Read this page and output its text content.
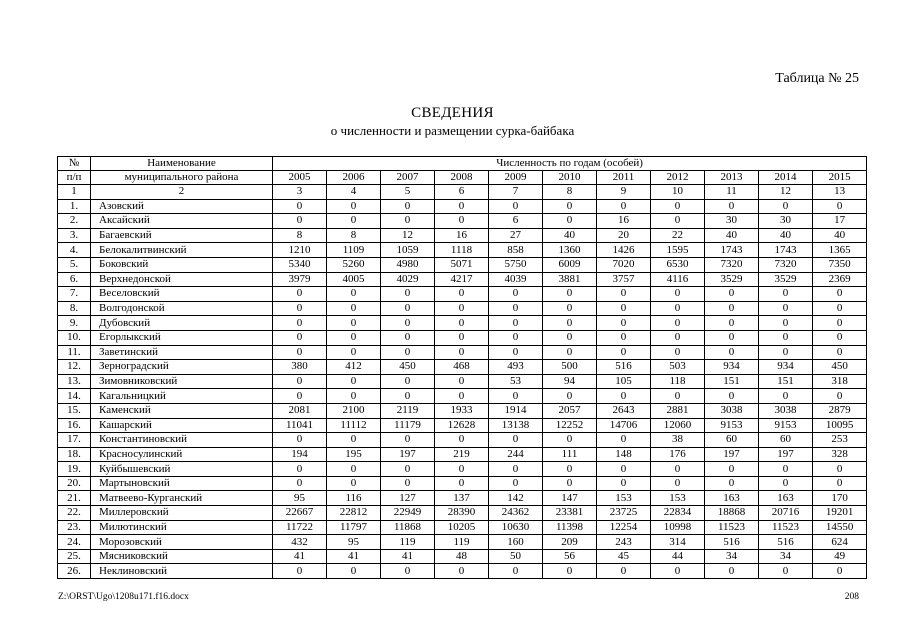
Таблица № 25
СВЕДЕНИЯ
о численности и размещении сурка-байбака
№	Наименование	Численность по годам (особей)										
п/п	муниципального района	2005	2006	2007	2008	2009	2010	2011	2012	2013	2014	2015
1	2	3	4	5	6	7	8	9	10	11	12	13
1.	Азовский	0	0	0	0	0	0	0	0	0	0	0
2.	Аксайский	0	0	0	0	6	0	16	0	30	30	17
3.	Багаевский	8	8	12	16	27	40	20	22	40	40	40
4.	Белокалитвинский	1210	1109	1059	1118	858	1360	1426	1595	1743	1743	1365
5.	Боковский	5340	5260	4980	5071	5750	6009	7020	6530	7320	7320	7350
6.	Верхнедонской	3979	4005	4029	4217	4039	3881	3757	4116	3529	3529	2369
7.	Веселовский	0	0	0	0	0	0	0	0	0	0	0
8.	Волгодонской	0	0	0	0	0	0	0	0	0	0	0
9.	Дубовский	0	0	0	0	0	0	0	0	0	0	0
10.	Егорлыкский	0	0	0	0	0	0	0	0	0	0	0
11.	Заветинский	0	0	0	0	0	0	0	0	0	0	0
12.	Зерноградский	380	412	450	468	493	500	516	503	934	934	450
13.	Зимовниковский	0	0	0	0	53	94	105	118	151	151	318
14.	Кагальницкий	0	0	0	0	0	0	0	0	0	0	0
15.	Каменский	2081	2100	2119	1933	1914	2057	2643	2881	3038	3038	2879
16.	Кашарский	11041	11112	11179	12628	13138	12252	14706	12060	9153	9153	10095
17.	Константиновский	0	0	0	0	0	0	0	38	60	60	253
18.	Красносулинский	194	195	197	219	244	111	148	176	197	197	328
19.	Куйбышевский	0	0	0	0	0	0	0	0	0	0	0
20.	Мартыновский	0	0	0	0	0	0	0	0	0	0	0
21.	Матвеево-Курганский	95	116	127	137	142	147	153	153	163	163	170
22.	Миллеровский	22667	22812	22949	28390	24362	23381	23725	22834	18868	20716	19201
23.	Милютинский	11722	11797	11868	10205	10630	11398	12254	10998	11523	11523	14550
24.	Морозовский	432	95	119	119	160	209	243	314	516	516	624
25.	Мясниковский	41	41	41	48	50	56	45	44	34	34	49
26.	Неклиновский	0	0	0	0	0	0	0	0	0	0	0
Z:\ORST\Ugo\1208u171.f16.docx	208
